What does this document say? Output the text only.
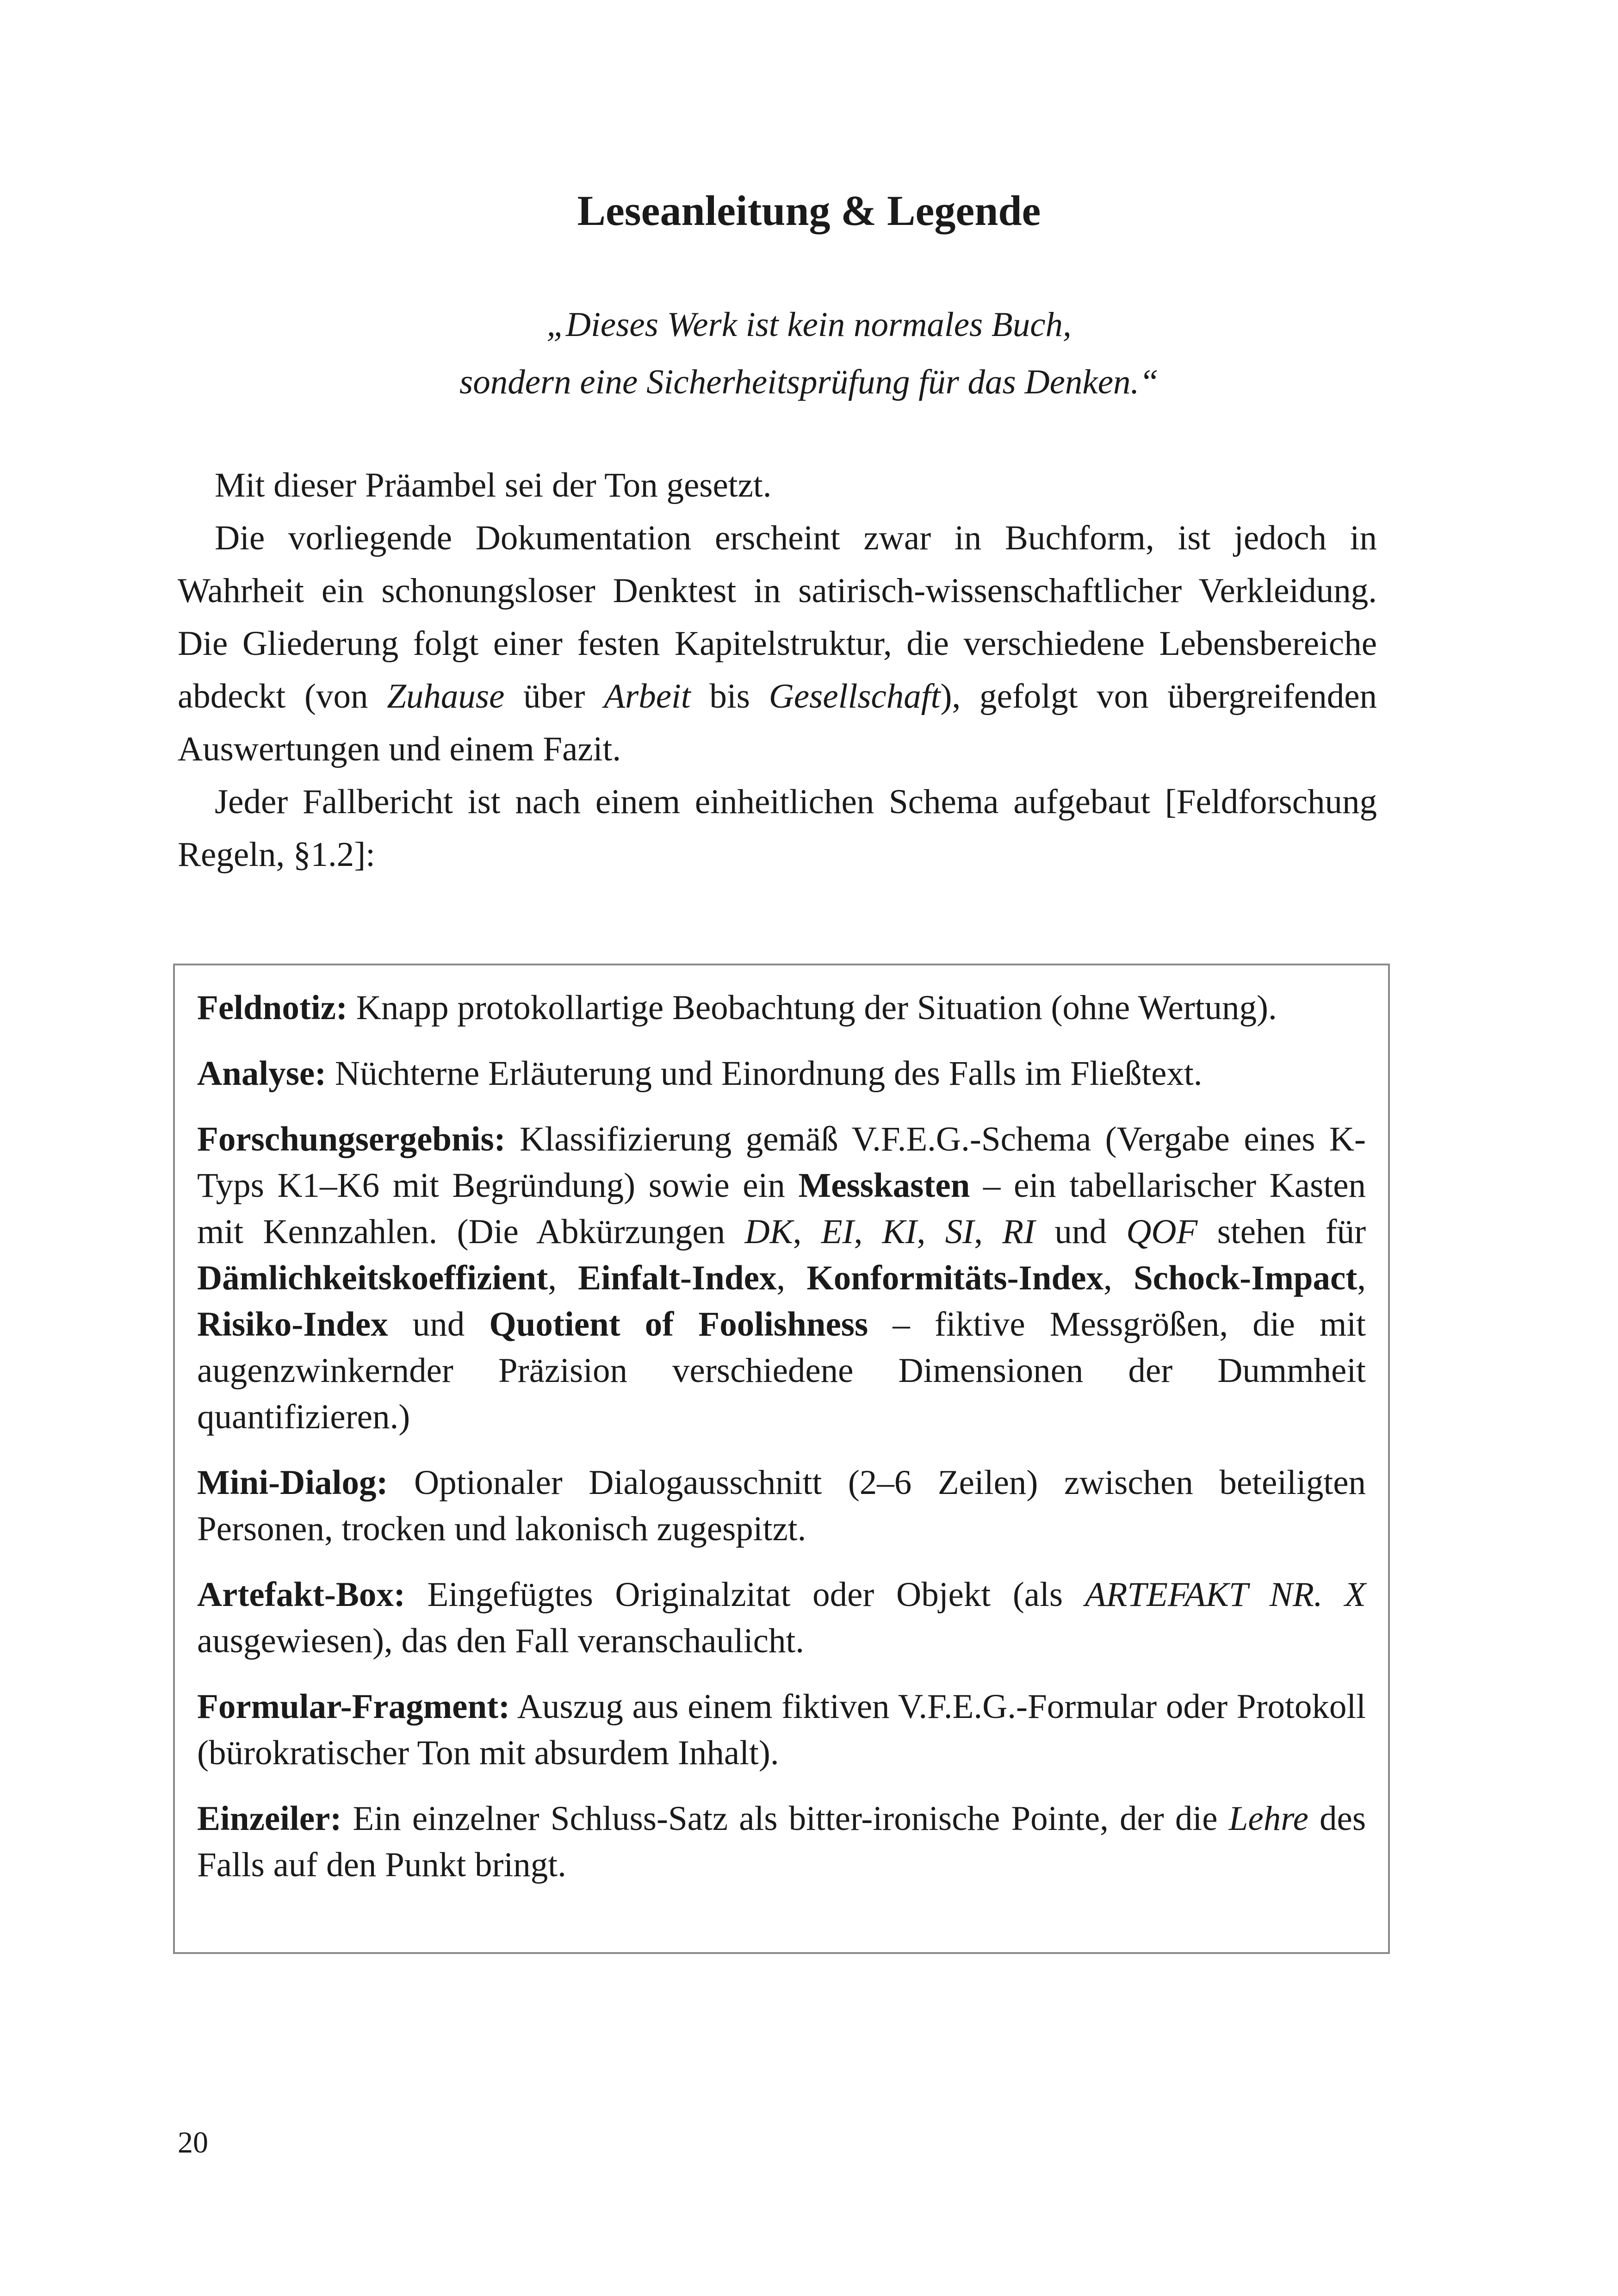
Leseanleitung & Legende
„Dieses Werk ist kein normales Buch,
sondern eine Sicherheitsprüfung für das Denken.“

Mit dieser Präambel sei der Ton gesetzt.

Die vorliegende Dokumentation erscheint zwar in Buchform, ist jedoch in Wahrheit ein schonungsloser Denktest in satirisch-wissenschaftlicher Verkleidung. Die Gliederung folgt einer festen Kapitelstruktur, die verschiedene Lebensbereiche abdeckt (von Zuhause über Arbeit bis Gesellschaft), gefolgt von übergreifenden Auswertungen und einem Fazit.

Jeder Fallbericht ist nach einem einheitlichen Schema aufgebaut [Feldforschung Regeln, §1.2]:

Feldnotiz: Knapp protokollartige Beobachtung der Situation (ohne Wertung).

Analyse: Nüchterne Erläuterung und Einordnung des Falls im Fließtext.

Forschungsergebnis: Klassifizierung gemäß V.F.E.G.-Schema (Vergabe eines K-Typs K1–K6 mit Begründung) sowie ein Messkasten – ein tabellarischer Kasten mit Kennzahlen. (Die Abkürzungen DK, EI, KI, SI, RI und QOF stehen für Dämlichkeitskoeffizient, Einfalt-Index, Konformitäts-Index, Schock-Impact, Risiko-Index und Quotient of Foolishness – fiktive Messgrößen, die mit augenzwinkernder Präzision verschiedene Dimensionen der Dummheit quantifizieren.)

Mini-Dialog: Optionaler Dialogausschnitt (2–6 Zeilen) zwischen beteiligten Personen, trocken und lakonisch zugespitzt.

Artefakt-Box: Eingefügtes Originalzitat oder Objekt (als ARTEFAKT NR. X ausgewiesen), das den Fall veranschaulicht.

Formular-Fragment: Auszug aus einem fiktiven V.F.E.G.-Formular oder Protokoll (bürokratischer Ton mit absurdem Inhalt).

Einzeiler: Ein einzelner Schluss-Satz als bitter-ironische Pointe, der die Lehre des Falls auf den Punkt bringt.

20
